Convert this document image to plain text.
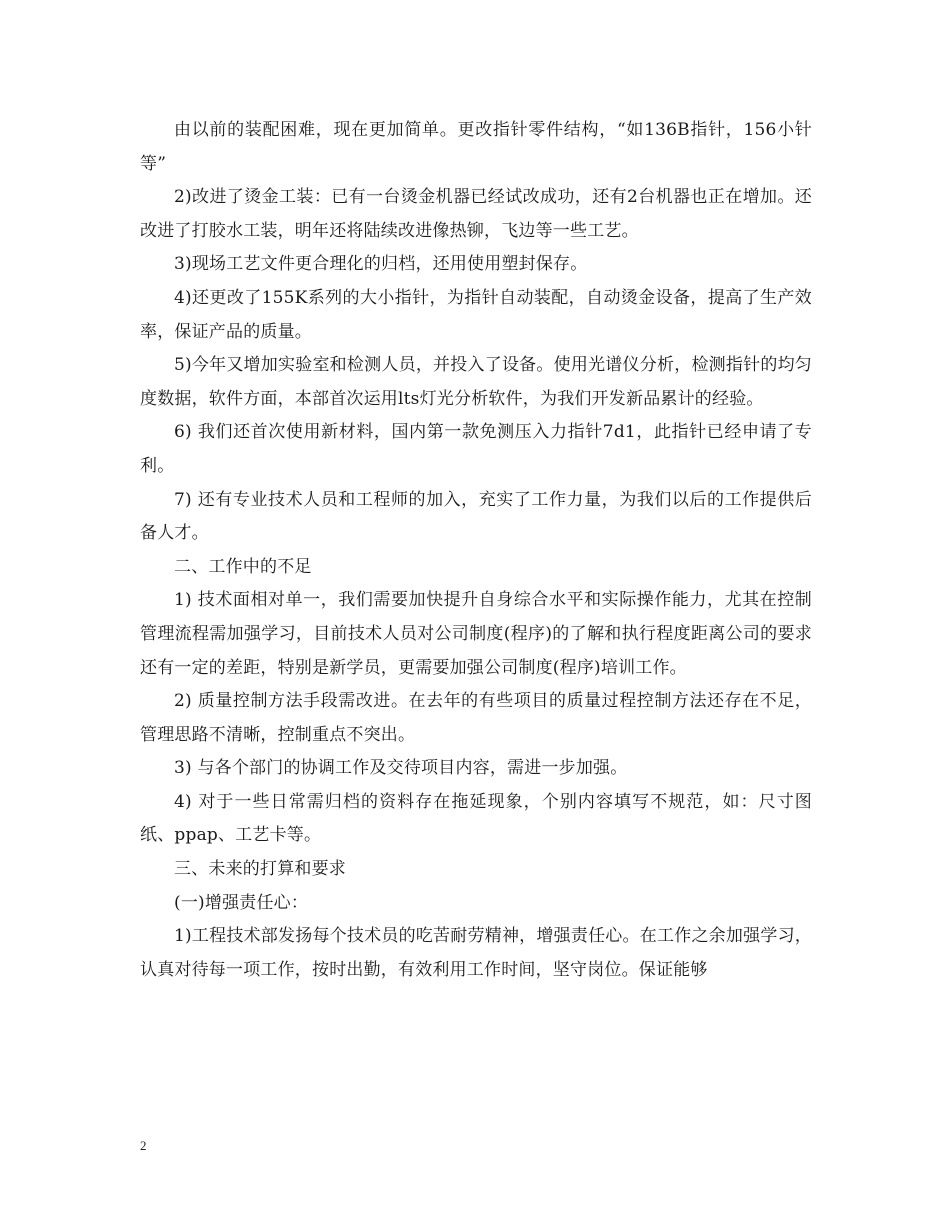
由以前的装配困难，现在更加简单。更改指针零件结构，“如136B指针，156小针等”

2)改进了烫金工装：已有一台烫金机器已经试改成功，还有2台机器也正在增加。还改进了打胶水工装，明年还将陆续改进像热铆，飞边等一些工艺。

3)现场工艺文件更合理化的归档，还用使用塑封保存。

4)还更改了155K系列的大小指针，为指针自动装配，自动烫金设备，提高了生产效率，保证产品的质量。

5)今年又增加实验室和检测人员，并投入了设备。使用光谱仪分析，检测指针的均匀度数据，软件方面，本部首次运用lts灯光分析软件，为我们开发新品累计的经验。

6) 我们还首次使用新材料，国内第一款免测压入力指针7d1，此指针已经申请了专利。

7) 还有专业技术人员和工程师的加入，充实了工作力量，为我们以后的工作提供后备人才。

二、工作中的不足

1) 技术面相对单一，我们需要加快提升自身综合水平和实际操作能力，尤其在控制管理流程需加强学习，目前技术人员对公司制度(程序)的了解和执行程度距离公司的要求还有一定的差距，特别是新学员，更需要加强公司制度(程序)培训工作。

2) 质量控制方法手段需改进。在去年的有些项目的质量过程控制方法还存在不足，管理思路不清晰，控制重点不突出。

3) 与各个部门的协调工作及交待项目内容，需进一步加强。

4) 对于一些日常需归档的资料存在拖延现象，个别内容填写不规范，如：尺寸图纸、ppap、工艺卡等。

三、未来的打算和要求

(一)增强责任心：

1)工程技术部发扬每个技术员的吃苦耐劳精神，增强责任心。在工作之余加强学习，认真对待每一项工作，按时出勤，有效利用工作时间，坚守岗位。保证能够

2
